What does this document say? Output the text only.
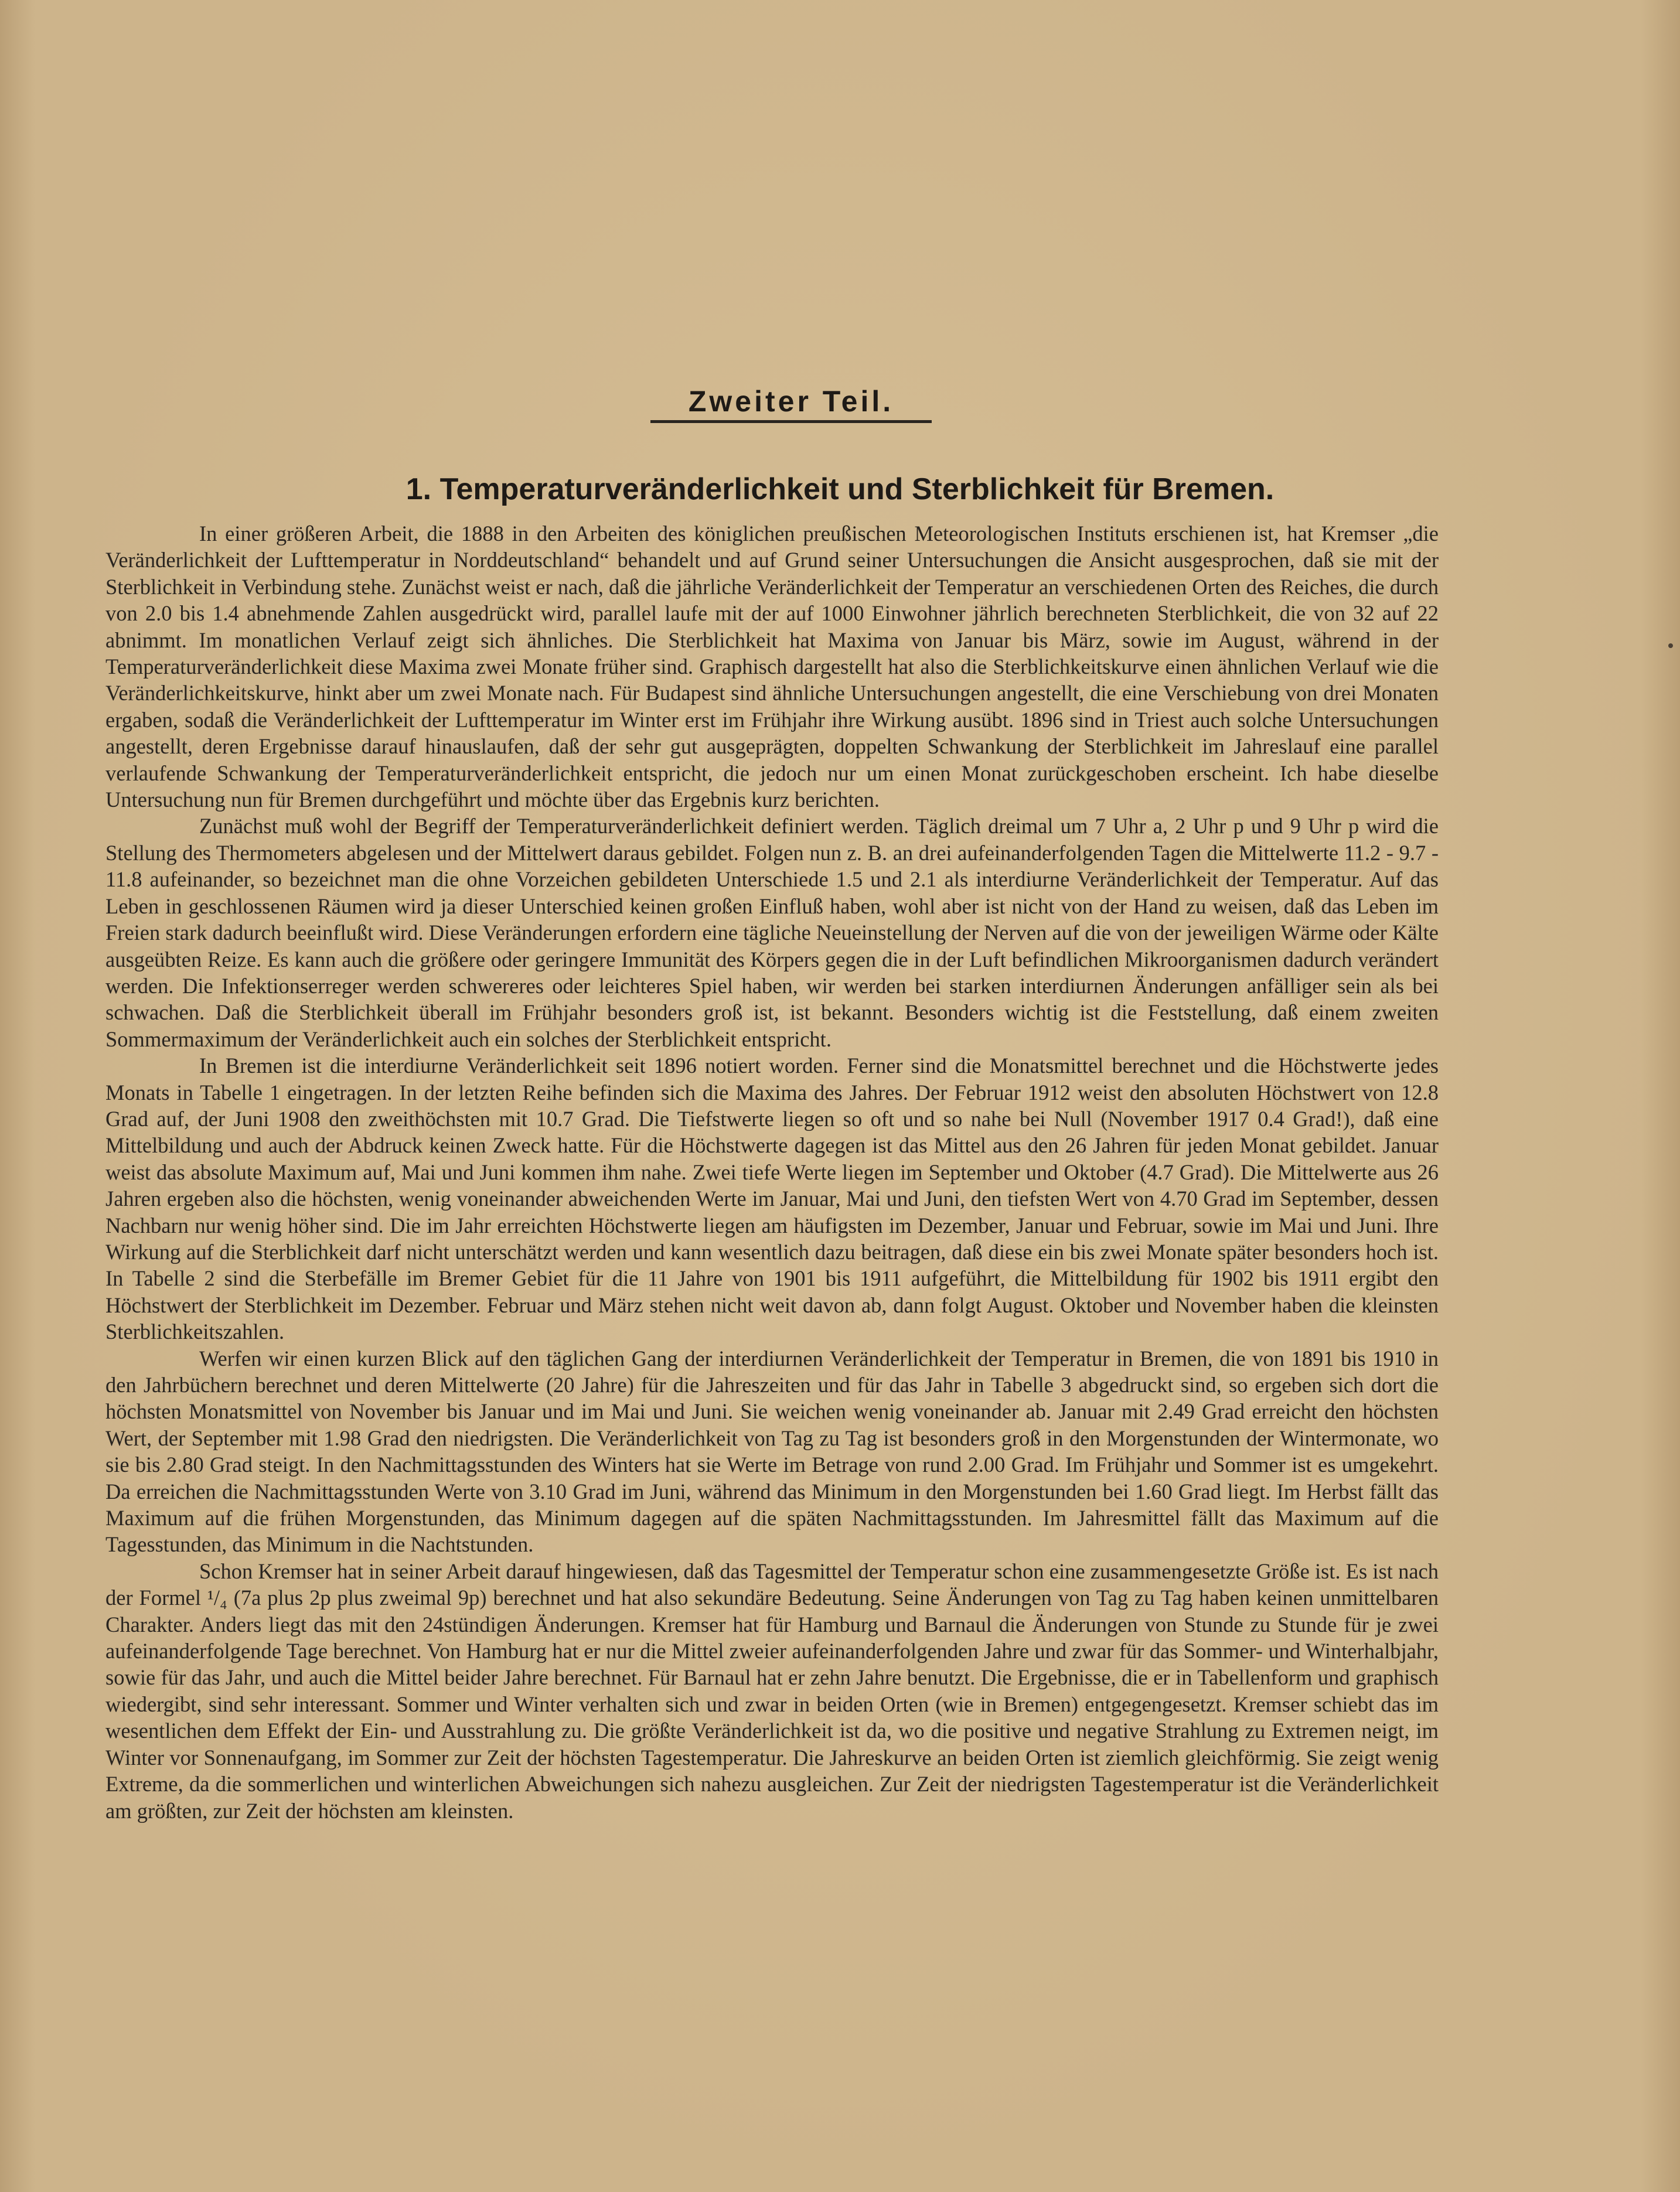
Zweiter Teil.
1. Temperaturveränderlichkeit und Sterblichkeit für Bremen.

In einer größeren Arbeit, die 1888 in den Arbeiten des königlichen preußischen Meteorologischen Instituts erschienen ist, hat Kremser „die Veränderlichkeit der Lufttemperatur in Norddeutschland“ behandelt und auf Grund seiner Untersuchungen die Ansicht ausgesprochen, daß sie mit der Sterblichkeit in Verbindung stehe. Zunächst weist er nach, daß die jährliche Veränderlichkeit der Temperatur an verschiedenen Orten des Reiches, die durch von 2.0 bis 1.4 abnehmende Zahlen ausgedrückt wird, parallel laufe mit der auf 1000 Einwohner jährlich berechneten Sterblichkeit, die von 32 auf 22 abnimmt. Im monatlichen Verlauf zeigt sich ähnliches. Die Sterblichkeit hat Maxima von Januar bis März, sowie im August, während in der Temperaturveränderlichkeit diese Maxima zwei Monate früher sind. Graphisch dargestellt hat also die Sterblichkeitskurve einen ähnlichen Verlauf wie die Veränderlichkeitskurve, hinkt aber um zwei Monate nach. Für Budapest sind ähnliche Untersuchungen angestellt, die eine Verschiebung von drei Monaten ergaben, sodaß die Veränderlichkeit der Lufttemperatur im Winter erst im Frühjahr ihre Wirkung ausübt. 1896 sind in Triest auch solche Untersuchungen angestellt, deren Ergebnisse darauf hinauslaufen, daß der sehr gut ausgeprägten, doppelten Schwankung der Sterblichkeit im Jahreslauf eine parallel verlaufende Schwankung der Temperaturveränderlichkeit entspricht, die jedoch nur um einen Monat zurückgeschoben erscheint. Ich habe dieselbe Untersuchung nun für Bremen durchgeführt und möchte über das Ergebnis kurz berichten.

Zunächst muß wohl der Begriff der Temperaturveränderlichkeit definiert werden. Täglich dreimal um 7 Uhr a, 2 Uhr p und 9 Uhr p wird die Stellung des Thermometers abgelesen und der Mittelwert daraus gebildet. Folgen nun z. B. an drei aufeinanderfolgenden Tagen die Mittelwerte 11.2 - 9.7 - 11.8 aufeinander, so bezeichnet man die ohne Vorzeichen gebildeten Unterschiede 1.5 und 2.1 als interdiurne Veränderlichkeit der Temperatur. Auf das Leben in geschlossenen Räumen wird ja dieser Unterschied keinen großen Einfluß haben, wohl aber ist nicht von der Hand zu weisen, daß das Leben im Freien stark dadurch beeinflußt wird. Diese Veränderungen erfordern eine tägliche Neueinstellung der Nerven auf die von der jeweiligen Wärme oder Kälte ausgeübten Reize. Es kann auch die größere oder geringere Immunität des Körpers gegen die in der Luft befindlichen Mikroorganismen dadurch verändert werden. Die Infektionserreger werden schwereres oder leichteres Spiel haben, wir werden bei starken interdiurnen Änderungen anfälliger sein als bei schwachen. Daß die Sterblichkeit überall im Frühjahr besonders groß ist, ist bekannt. Besonders wichtig ist die Feststellung, daß einem zweiten Sommermaximum der Veränderlichkeit auch ein solches der Sterblichkeit entspricht.

In Bremen ist die interdiurne Veränderlichkeit seit 1896 notiert worden. Ferner sind die Monatsmittel berechnet und die Höchstwerte jedes Monats in Tabelle 1 eingetragen. In der letzten Reihe befinden sich die Maxima des Jahres. Der Februar 1912 weist den absoluten Höchstwert von 12.8 Grad auf, der Juni 1908 den zweithöchsten mit 10.7 Grad. Die Tiefstwerte liegen so oft und so nahe bei Null (November 1917 0.4 Grad!), daß eine Mittelbildung und auch der Abdruck keinen Zweck hatte. Für die Höchstwerte dagegen ist das Mittel aus den 26 Jahren für jeden Monat gebildet. Januar weist das absolute Maximum auf, Mai und Juni kommen ihm nahe. Zwei tiefe Werte liegen im September und Oktober (4.7 Grad). Die Mittelwerte aus 26 Jahren ergeben also die höchsten, wenig voneinander abweichenden Werte im Januar, Mai und Juni, den tiefsten Wert von 4.70 Grad im September, dessen Nachbarn nur wenig höher sind. Die im Jahr erreichten Höchstwerte liegen am häufigsten im Dezember, Januar und Februar, sowie im Mai und Juni. Ihre Wirkung auf die Sterblichkeit darf nicht unterschätzt werden und kann wesentlich dazu beitragen, daß diese ein bis zwei Monate später besonders hoch ist. In Tabelle 2 sind die Sterbefälle im Bremer Gebiet für die 11 Jahre von 1901 bis 1911 aufgeführt, die Mittelbildung für 1902 bis 1911 ergibt den Höchstwert der Sterblichkeit im Dezember. Februar und März stehen nicht weit davon ab, dann folgt August. Oktober und November haben die kleinsten Sterblichkeitszahlen.

Werfen wir einen kurzen Blick auf den täglichen Gang der interdiurnen Veränderlichkeit der Temperatur in Bremen, die von 1891 bis 1910 in den Jahrbüchern berechnet und deren Mittelwerte (20 Jahre) für die Jahreszeiten und für das Jahr in Tabelle 3 abgedruckt sind, so ergeben sich dort die höchsten Monatsmittel von November bis Januar und im Mai und Juni. Sie weichen wenig voneinander ab. Januar mit 2.49 Grad erreicht den höchsten Wert, der September mit 1.98 Grad den niedrigsten. Die Veränderlichkeit von Tag zu Tag ist besonders groß in den Morgenstunden der Wintermonate, wo sie bis 2.80 Grad steigt. In den Nachmittagsstunden des Winters hat sie Werte im Betrage von rund 2.00 Grad. Im Frühjahr und Sommer ist es umgekehrt. Da erreichen die Nachmittagsstunden Werte von 3.10 Grad im Juni, während das Minimum in den Morgenstunden bei 1.60 Grad liegt. Im Herbst fällt das Maximum auf die frühen Morgenstunden, das Minimum dagegen auf die späten Nachmittagsstunden. Im Jahresmittel fällt das Maximum auf die Tagesstunden, das Minimum in die Nachtstunden.

Schon Kremser hat in seiner Arbeit darauf hingewiesen, daß das Tagesmittel der Temperatur schon eine zusammengesetzte Größe ist. Es ist nach der Formel ¹/₄ (7a plus 2p plus zweimal 9p) berechnet und hat also sekundäre Bedeutung. Seine Änderungen von Tag zu Tag haben keinen unmittelbaren Charakter. Anders liegt das mit den 24stündigen Änderungen. Kremser hat für Hamburg und Barnaul die Änderungen von Stunde zu Stunde für je zwei aufeinanderfolgende Tage berechnet. Von Hamburg hat er nur die Mittel zweier aufeinanderfolgenden Jahre und zwar für das Sommer- und Winterhalbjahr, sowie für das Jahr, und auch die Mittel beider Jahre berechnet. Für Barnaul hat er zehn Jahre benutzt. Die Ergebnisse, die er in Tabellenform und graphisch wiedergibt, sind sehr interessant. Sommer und Winter verhalten sich und zwar in beiden Orten (wie in Bremen) entgegengesetzt. Kremser schiebt das im wesentlichen dem Effekt der Ein- und Ausstrahlung zu. Die größte Veränderlichkeit ist da, wo die positive und negative Strahlung zu Extremen neigt, im Winter vor Sonnenaufgang, im Sommer zur Zeit der höchsten Tagestemperatur. Die Jahreskurve an beiden Orten ist ziemlich gleichförmig. Sie zeigt wenig Extreme, da die sommerlichen und winterlichen Abweichungen sich nahezu ausgleichen. Zur Zeit der niedrigsten Tagestemperatur ist die Veränderlichkeit am größten, zur Zeit der höchsten am kleinsten.
